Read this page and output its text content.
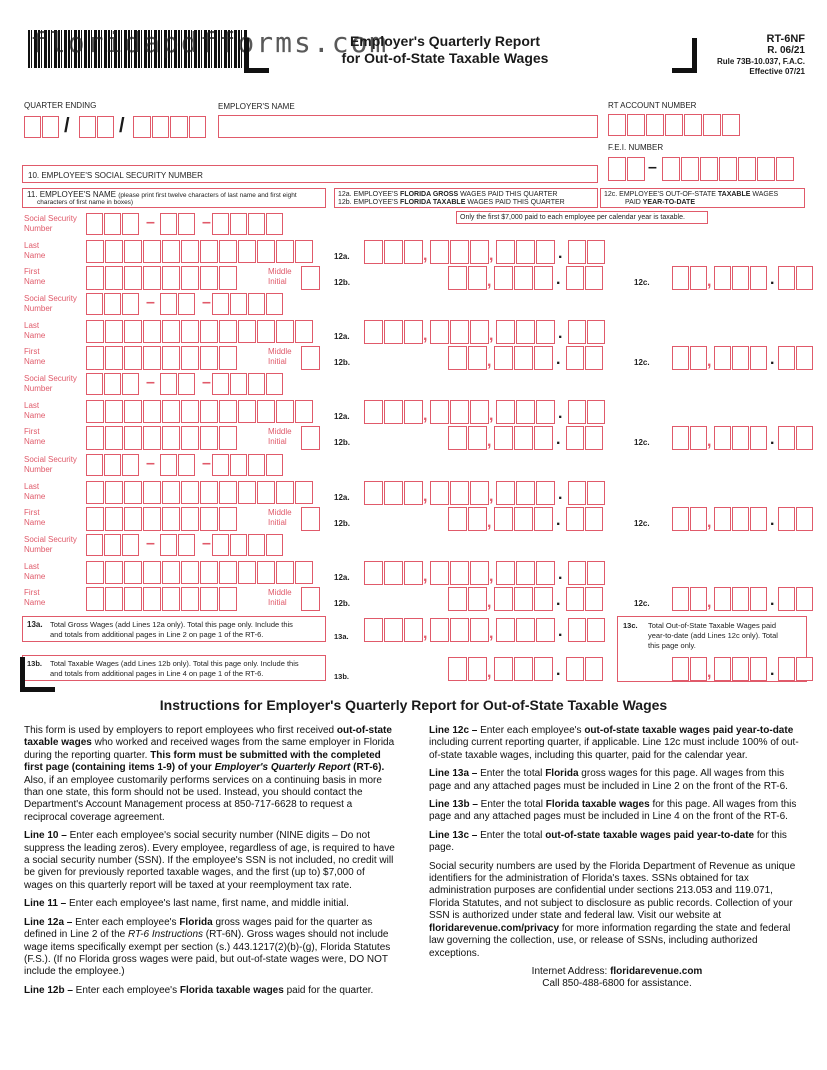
floridapdfforms.com
Employer's Quarterly Report
for Out-of-State Taxable Wages
RT-6NF
R. 06/21
Rule 73B-10.037, F.A.C.
Effective 07/21
QUARTER ENDING	EMPLOYER'S NAME	RT ACCOUNT NUMBER
F.E.I. NUMBER
/ /
–
10. EMPLOYEE'S SOCIAL SECURITY NUMBER
11. EMPLOYEE'S NAME (please print first twelve characters of last name and first eight
characters of first name in boxes)
12a. EMPLOYEE'S FLORIDA GROSS WAGES PAID THIS QUARTER
12b. EMPLOYEE'S FLORIDA TAXABLE WAGES PAID THIS QUARTER
12c. EMPLOYEE'S OUT-OF-STATE TAXABLE WAGES
PAID YEAR-TO-DATE
Only the first $7,000 paid to each employee per calendar year is taxable.
Social Security
Number	–	–
Last
Name
First
Name
Middle
Initial
12a.	,	,	.
12b.	,	.	12c.	,	.
Social Security
Number	–	–
Last
Name
First
Name
Middle
Initial
12a.	,	,	.
12b.	,	.	12c.	,	.
Social Security
Number	–	–
Last
Name
First
Name
Middle
Initial
12a.	,	,	.
12b.	,	.	12c.	,	.
Social Security
Number	–	–
Last
Name
First
Name
Middle
Initial
12a.	,	,	.
12b.	,	.	12c.	,	.
Social Security
Number	–	–
Last
Name
First
Name
Middle
Initial
12a.	,	,	.
12b.	,	.	12c.	,	.
13a. Total Gross Wages (add Lines 12a only). Total this page only. Include this
and totals from additional pages in Line 2 on page 1 of the RT-6.	13a.
13c. Total Out-of-State Taxable Wages paid
year-to-date (add Lines 12c only). Total
this page only.
13b. Total Taxable Wages (add Lines 12b only). Total this page only. Include this
and totals from additional pages in Line 4 on page 1 of the RT-6.	13b.
,	,	.
,	.	,	.
Instructions for Employer's Quarterly Report for Out-of-State Taxable Wages

This form is used by employers to report employees who first received out-of-state taxable wages who worked and received wages from the same employer in Florida during the reporting quarter. This form must be submitted with the completed first page (containing items 1-9) of your Employer's Quarterly Report (RT-6). Also, if an employee customarily performs services on a continuing basis in more than one state, this form should not be used. Instead, you should contact the Department's Account Management process at 850-717-6628 to request a reciprocal coverage agreement.

Line 10 – Enter each employee's social security number (NINE digits – Do not suppress the leading zeros). Every employee, regardless of age, is required to have a social security number (SSN). If the employee's SSN is not included, no credit will be given for previously reported taxable wages, and the first (up to) $7,000 of wages on this quarterly report will be taxed at your reemployment tax rate.

Line 11 – Enter each employee's last name, first name, and middle initial.

Line 12a – Enter each employee's Florida gross wages paid for the quarter as defined in Line 2 of the RT-6 Instructions (RT-6N). Gross wages should not include wage items specifically exempt per section (s.) 443.1217(2)(b)-(g), Florida Statutes (F.S.). (If no Florida gross wages were paid, but out-of-state wages were, DO NOT include the employee.)

Line 12b – Enter each employee's Florida taxable wages paid for the quarter.

Line 12c – Enter each employee's out-of-state taxable wages paid year-to-date including current reporting quarter, if applicable. Line 12c must include 100% of out-of-state taxable wages, including this quarter, paid for the calendar year.

Line 13a – Enter the total Florida gross wages for this page. All wages from this page and any attached pages must be included in Line 2 on the front of the RT-6.

Line 13b – Enter the total Florida taxable wages for this page. All wages from this page and any attached pages must be included in Line 4 on the front of the RT-6.

Line 13c – Enter the total out-of-state taxable wages paid year-to-date for this page.

Social security numbers are used by the Florida Department of Revenue as unique identifiers for the administration of Florida's taxes. SSNs obtained for tax administration purposes are confidential under sections 213.053 and 119.071, Florida Statutes, and not subject to disclosure as public records. Collection of your SSN is authorized under state and federal law. Visit our website at floridarevenue.com/privacy for more information regarding the state and federal law governing the collection, use, or release of SSNs, including authorized exceptions.

Internet Address: floridarevenue.com
Call 850-488-6800 for assistance.
